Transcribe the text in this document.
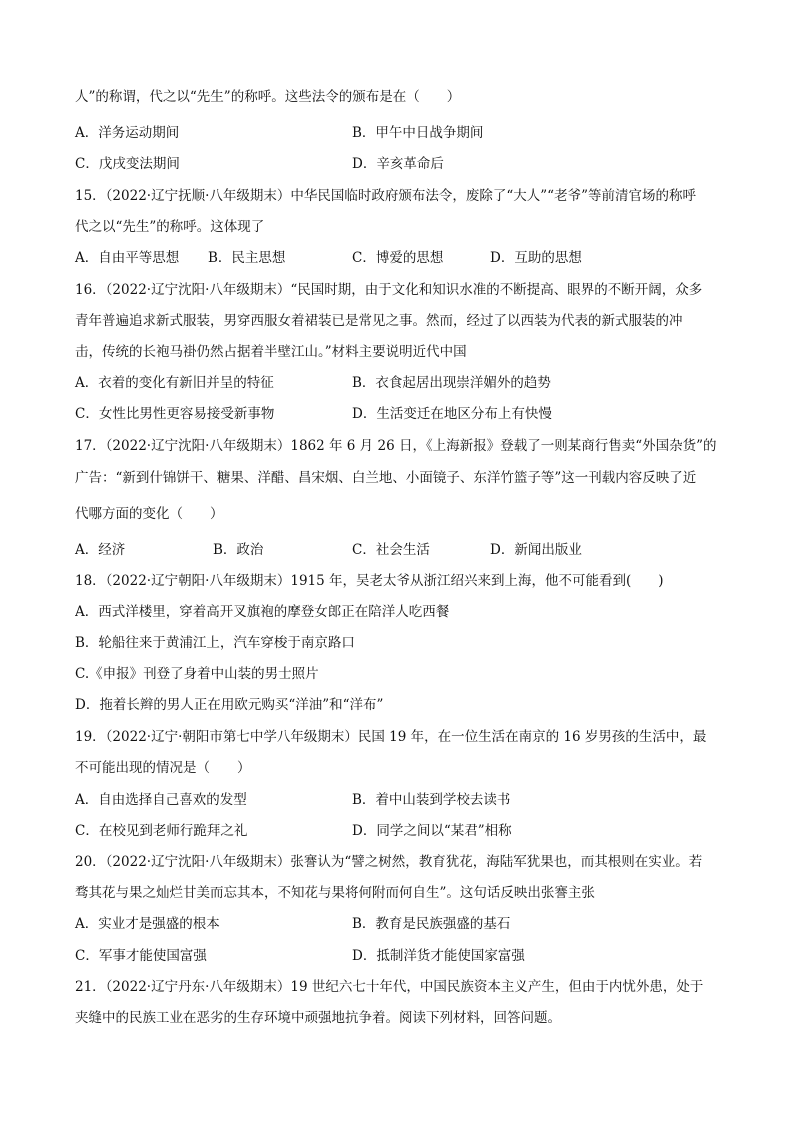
人”的称谓，代之以“先生”的称呼。这些法令的颁布是在（　　）
A．洋务运动期间	B．甲午中日战争期间
C．戊戌变法期间	D．辛亥革命后
15．（2022·辽宁抚顺·八年级期末）中华民国临时政府颁布法令，废除了“大人”“老爷”等前清官场的称呼
代之以“先生”的称呼。这体现了
A．自由平等思想 B．民主思想	C．博爱的思想	D．互助的思想
16．（2022·辽宁沈阳·八年级期末）“民国时期，由于文化和知识水准的不断提高、眼界的不断开阔，众多
青年普遍追求新式服装，男穿西服女着裙装已是常见之事。然而，经过了以西装为代表的新式服装的冲
击，传统的长袍马褂仍然占据着半壁江山。”材料主要说明近代中国
A．衣着的变化有新旧并呈的特征	B．衣食起居出现崇洋媚外的趋势
C．女性比男性更容易接受新事物	D．生活变迁在地区分布上有快慢
17．（2022·辽宁沈阳·八年级期末）1862 年 6 月 26 日，《上海新报》登载了一则某商行售卖“外国杂货”的
广告：“新到什锦饼干、糖果、洋醋、昌宋烟、白兰地、小面镜子、东洋竹篮子等”这一刊载内容反映了近
代哪方面的变化（　　）
A．经济	B．政治	C．社会生活	D．新闻出版业
18．（2022·辽宁朝阳·八年级期末）1915 年，吴老太爷从浙江绍兴来到上海，他不可能看到(　　)
A．西式洋楼里，穿着高开叉旗袍的摩登女郎正在陪洋人吃西餐
B．轮船往来于黄浦江上，汽车穿梭于南京路口
C.《申报》刊登了身着中山装的男士照片
D．拖着长辫的男人正在用欧元购买“洋油”和“洋布”
19．（2022·辽宁·朝阳市第七中学八年级期末）民国 19 年，在一位生活在南京的 16 岁男孩的生活中，最
不可能出现的情况是（　　）
A．自由选择自己喜欢的发型	B．着中山装到学校去读书
C．在校见到老师行跪拜之礼	D．同学之间以“某君”相称
20．（2022·辽宁沈阳·八年级期末）张謇认为“譬之树然，教育犹花，海陆军犹果也，而其根则在实业。若
骛其花与果之灿烂甘美而忘其本，不知花与果将何附而何自生”。这句话反映出张謇主张
A．实业才是强盛的根本	B．教育是民族强盛的基石
C．军事才能使国富强	D．抵制洋货才能使国家富强
21．（2022·辽宁丹东·八年级期末）19 世纪六七十年代，中国民族资本主义产生，但由于内忧外患，处于
夹缝中的民族工业在恶劣的生存环境中顽强地抗争着。阅读下列材料，回答问题。
